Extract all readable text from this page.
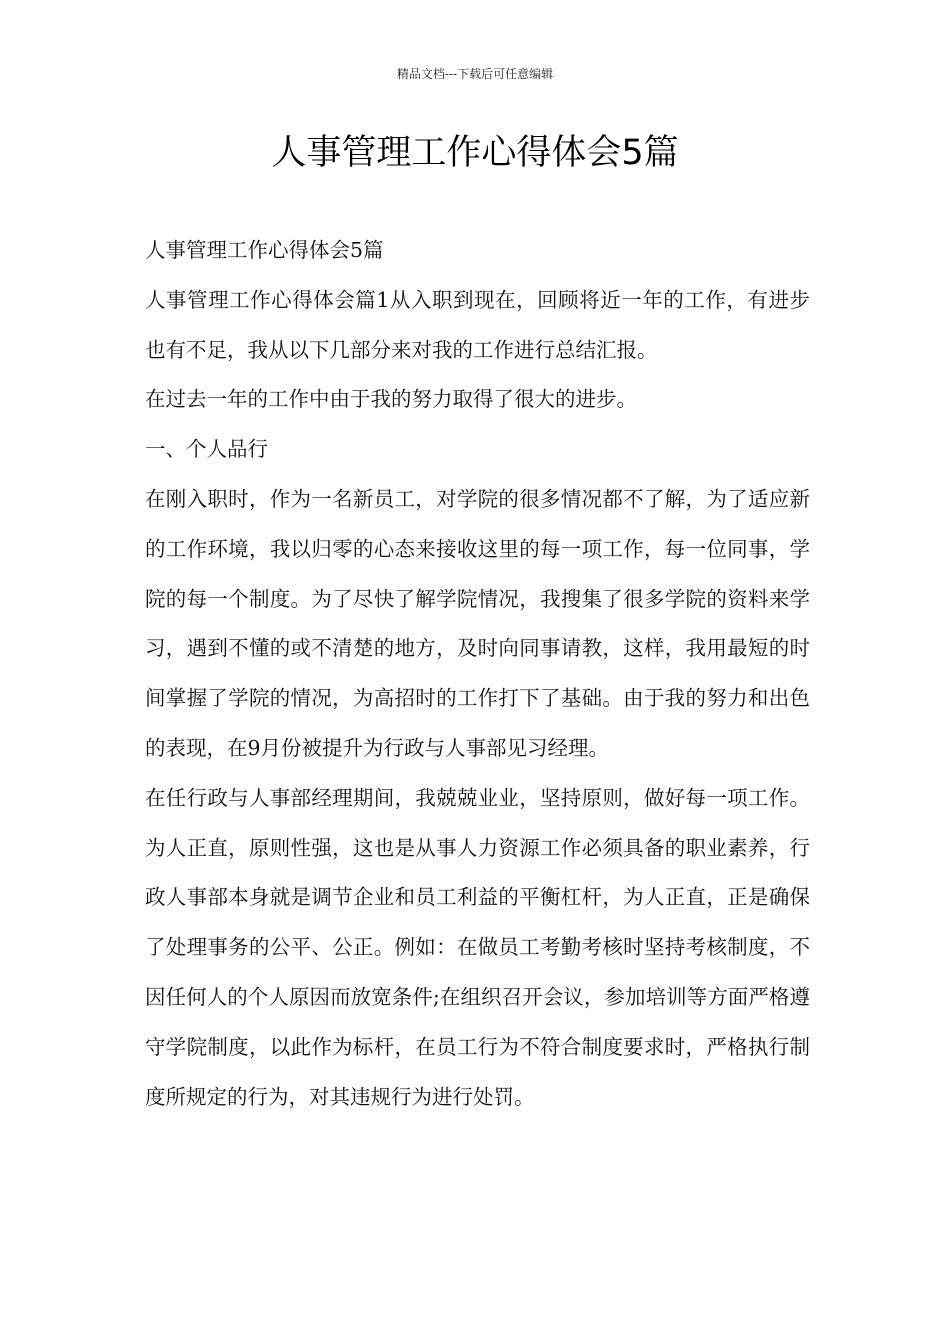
精品文档---下载后可任意编辑
人事管理工作心得体会5篇

人事管理工作心得体会5篇

人事管理工作心得体会篇1从入职到现在，回顾将近一年的工作，有进步也有不足，我从以下几部分来对我的工作进行总结汇报。

在过去一年的工作中由于我的努力取得了很大的进步。

一、个人品行

在刚入职时，作为一名新员工，对学院的很多情况都不了解，为了适应新的工作环境，我以归零的心态来接收这里的每一项工作，每一位同事，学院的每一个制度。为了尽快了解学院情况，我搜集了很多学院的资料来学习，遇到不懂的或不清楚的地方，及时向同事请教，这样，我用最短的时间掌握了学院的情况，为高招时的工作打下了基础。由于我的努力和出色的表现，在9月份被提升为行政与人事部见习经理。

在任行政与人事部经理期间，我兢兢业业，坚持原则，做好每一项工作。为人正直，原则性强，这也是从事人力资源工作必须具备的职业素养，行政人事部本身就是调节企业和员工利益的平衡杠杆，为人正直，正是确保了处理事务的公平、公正。例如：在做员工考勤考核时坚持考核制度，不因任何人的个人原因而放宽条件;在组织召开会议，参加培训等方面严格遵守学院制度，以此作为标杆，在员工行为不符合制度要求时，严格执行制度所规定的行为，对其违规行为进行处罚。
